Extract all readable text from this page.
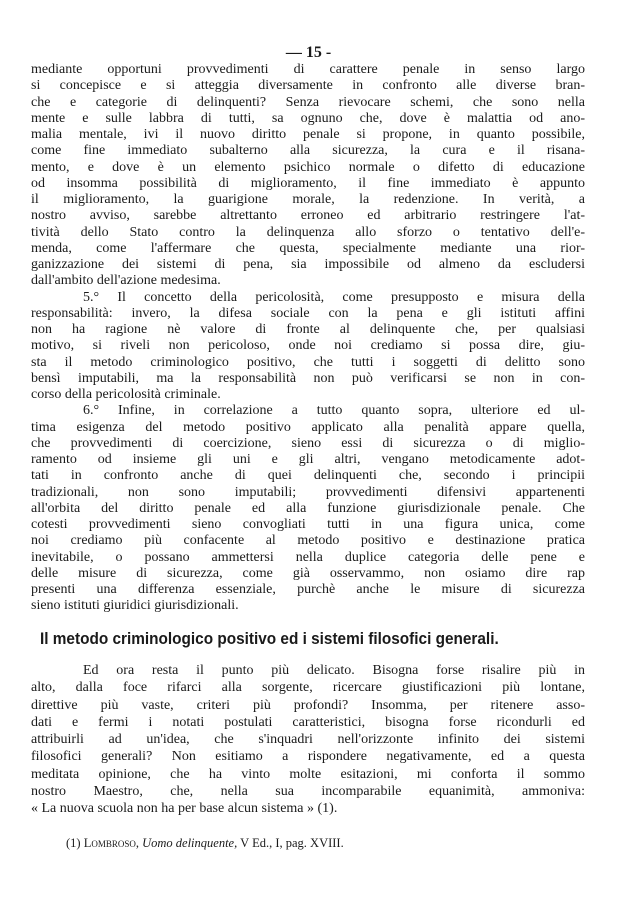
— 15 -
mediante opportuni provvedimenti di carattere penale in senso largo
si concepisce e si atteggia diversamente in confronto alle diverse bran-
che e categorie di delinquenti? Senza rievocare schemi, che sono nella
mente e sulle labbra di tutti, sa ognuno che, dove è malattia od ano-
malia mentale, ivi il nuovo diritto penale si propone, in quanto possibile,
come fine immediato subalterno alla sicurezza, la cura e il risana-
mento, e dove è un elemento psichico normale o difetto di educazione
od insomma possibilità di miglioramento, il fine immediato è appunto
il miglioramento, la guarigione morale, la redenzione. In verità, a
nostro avviso, sarebbe altrettanto erroneo ed arbitrario restringere l'at-
tività dello Stato contro la delinquenza allo sforzo o tentativo dell'e-
menda, come l'affermare che questa, specialmente mediante una rior-
ganizzazione dei sistemi di pena, sia impossibile od almeno da escludersi
dall'ambito dell'azione medesima.
5.° Il concetto della pericolosità, come presupposto e misura della
responsabilità: invero, la difesa sociale con la pena e gli istituti affini
non ha ragione nè valore di fronte al delinquente che, per qualsiasi
motivo, si riveli non pericoloso, onde noi crediamo si possa dire, giu-
sta il metodo criminologico positivo, che tutti i soggetti di delitto sono
bensì imputabili, ma la responsabilità non può verificarsi se non in con-
corso della pericolosità criminale.
6.° Infine, in correlazione a tutto quanto sopra, ulteriore ed ul-
tima esigenza del metodo positivo applicato alla penalità appare quella,
che provvedimenti di coercizione, sieno essi di sicurezza o di miglio-
ramento od insieme gli uni e gli altri, vengano metodicamente adot-
tati in confronto anche di quei delinquenti che, secondo i principii
tradizionali, non sono imputabili; provvedimenti difensivi appartenenti
all'orbita del diritto penale ed alla funzione giurisdizionale penale. Che
cotesti provvedimenti sieno convogliati tutti in una figura unica, come
noi crediamo più confacente al metodo positivo e destinazione pratica
inevitabile, o possano ammettersi nella duplice categoria delle pene e
delle misure di sicurezza, come già osservammo, non osiamo dire rap
presenti una differenza essenziale, purchè anche le misure di sicurezza
sieno istituti giuridici giurisdizionali.
Il metodo criminologico positivo ed i sistemi filosofici generali.
Ed ora resta il punto più delicato. Bisogna forse risalire più in
alto, dalla foce rifarci alla sorgente, ricercare giustificazioni più lontane,
direttive più vaste, criteri più profondi? Insomma, per ritenere asso-
dati e fermi i notati postulati caratteristici, bisogna forse ricondurli ed
attribuirli ad un'idea, che s'inquadri nell'orizzonte infinito dei sistemi
filosofici generali? Non esitiamo a rispondere negativamente, ed a questa
meditata opinione, che ha vinto molte esitazioni, mi conforta il sommo
nostro Maestro, che, nella sua incomparabile equanimità, ammoniva:
« La nuova scuola non ha per base alcun sistema » (1).
(1) Lombroso, Uomo delinquente, V Ed., I, pag. XVIII.
